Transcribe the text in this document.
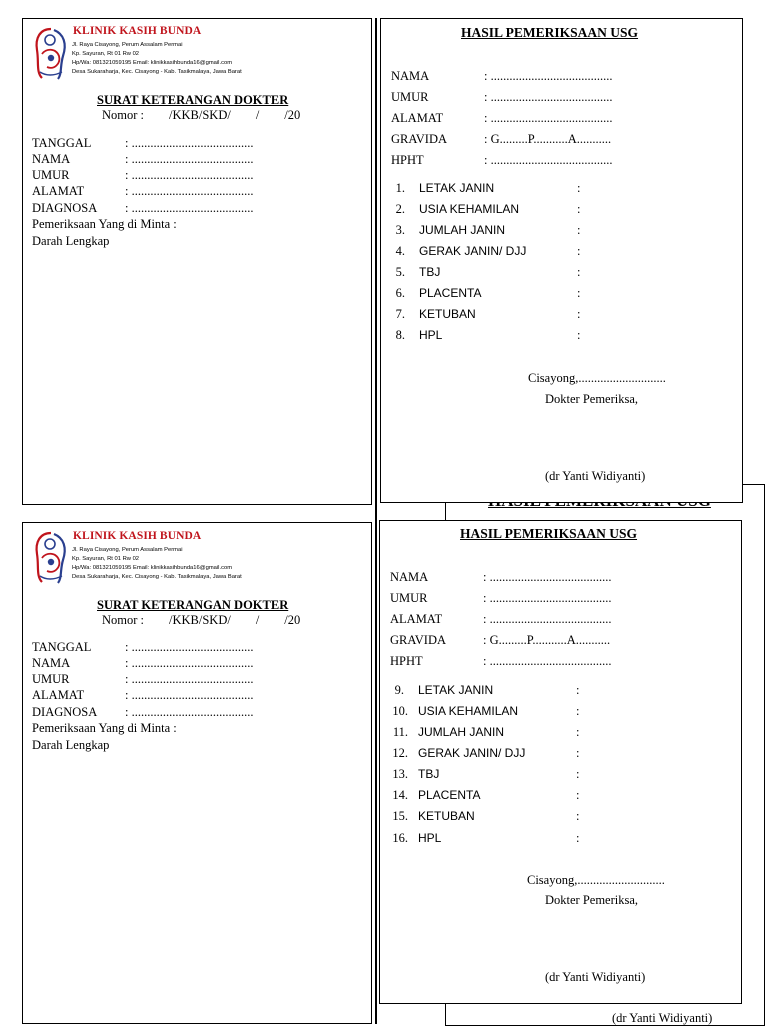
(dr Yanti Widiyanti)
KLINIK KASIH BUNDA
Jl. Raya Cisayong, Perum Assalam Permai
Kp. Sayuran, Rt 01 Rw 02
Hp/Wa: 081321059195 Email: klinikkasihbunda16@gmail.com
Desa Sukaraharja, Kec. Cisayong - Kab. Tasikmalaya, Jawa Barat
SURAT KETERANGAN DOKTER
Nomor :        /KKB/SKD/        /        /20
TANGGAL	: .......................................
NAMA	: .......................................
UMUR	: .......................................
ALAMAT	: .......................................
DIAGNOSA : .......................................
Pemeriksaan Yang di Minta :
Darah Lengkap
HASIL PEMERIKSAAN USG
NAMA	: .......................................
UMUR	: .......................................
ALAMAT	: .......................................
GRAVIDA	: G.........P...........A...........
HPHT	: .......................................
1. LETAK JANIN	:
2. USIA KEHAMILAN	:
3. JUMLAH JANIN	:
4. GERAK JANIN/ DJJ	:
5. TBJ	:
6. PLACENTA	:
7. KETUBAN	:
8. HPL	:
Cisayong,............................
Dokter Pemeriksa,
(dr Yanti Widiyanti)
KLINIK KASIH BUNDA
Jl. Raya Cisayong, Perum Assalam Permai
Kp. Sayuran, Rt 01 Rw 02
Hp/Wa: 081321059195 Email: klinikkasihbunda16@gmail.com
Desa Sukaraharja, Kec. Cisayong - Kab. Tasikmalaya, Jawa Barat
SURAT KETERANGAN DOKTER
Nomor :        /KKB/SKD/        /        /20
TANGGAL	: .......................................
NAMA	: .......................................
UMUR	: .......................................
ALAMAT	: .......................................
DIAGNOSA : .......................................
Pemeriksaan Yang di Minta :
Darah Lengkap
HASIL PEMERIKSAAN USG
NAMA	: .......................................
UMUR	: .......................................
ALAMAT	: .......................................
GRAVIDA	: G.........P...........A...........
HPHT	: .......................................
9. LETAK JANIN	:
10. USIA KEHAMILAN	:
11. JUMLAH JANIN	:
12. GERAK JANIN/ DJJ	:
13. TBJ	:
14. PLACENTA	:
15. KETUBAN	:
16. HPL	:
Cisayong,............................
Dokter Pemeriksa,
(dr Yanti Widiyanti)
